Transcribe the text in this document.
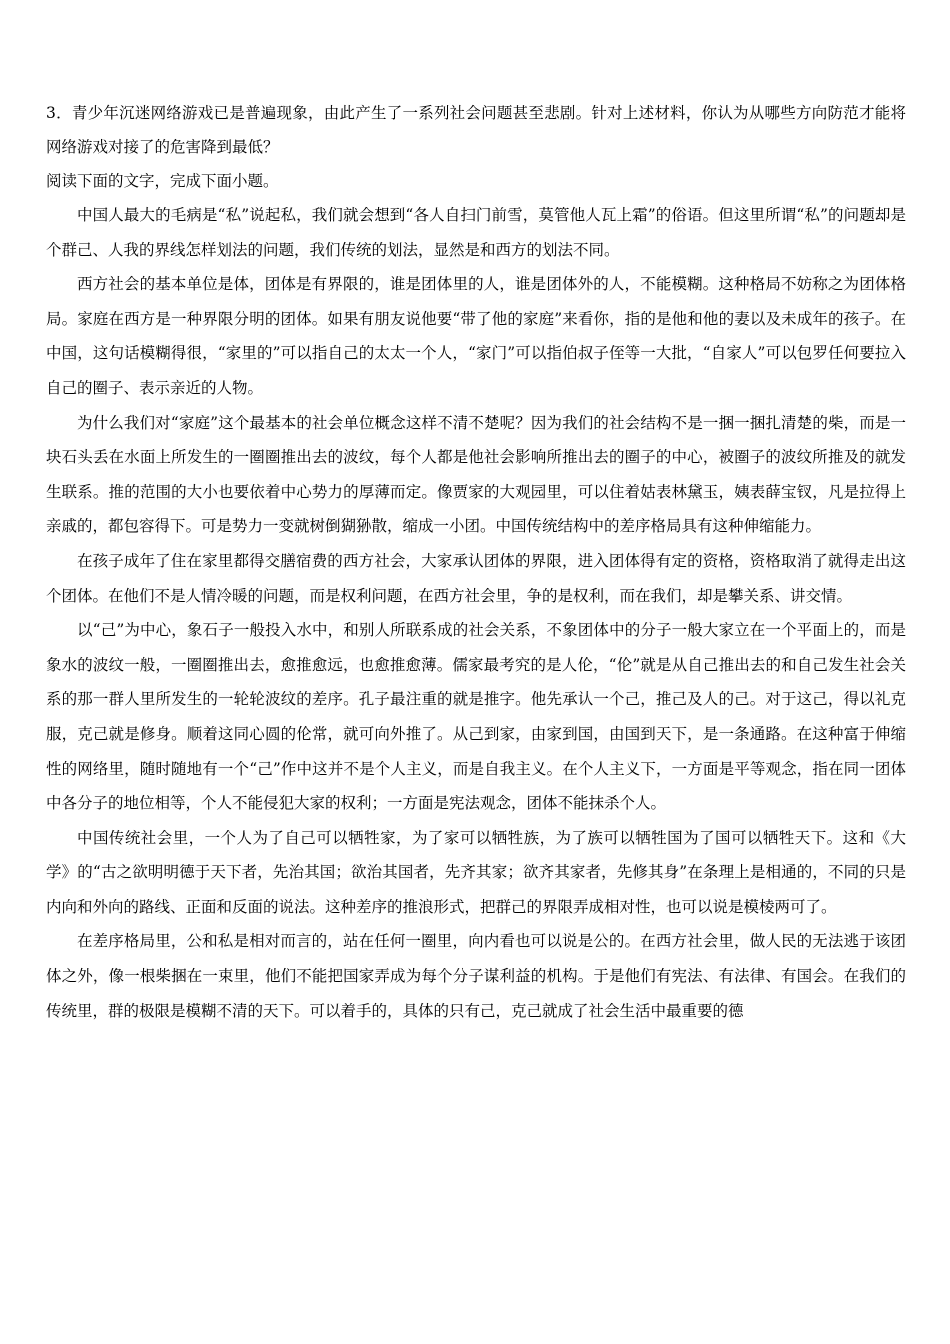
3．青少年沉迷网络游戏已是普遍现象，由此产生了一系列社会问题甚至悲剧。针对上述材料，你认为从哪些方向防范才能将网络游戏对接了的危害降到最低？

阅读下面的文字，完成下面小题。

中国人最大的毛病是“私”说起私，我们就会想到“各人自扫门前雪，莫管他人瓦上霜”的俗语。但这里所谓“私”的问题却是个群己、人我的界线怎样划法的问题，我们传统的划法，显然是和西方的划法不同。

西方社会的基本单位是体，团体是有界限的，谁是团体里的人，谁是团体外的人，不能模糊。这种格局不妨称之为团体格局。家庭在西方是一种界限分明的团体。如果有朋友说他要“带了他的家庭”来看你，指的是他和他的妻以及未成年的孩子。在中国，这句话模糊得很，“家里的”可以指自己的太太一个人，“家门”可以指伯叔子侄等一大批，“自家人”可以包罗任何要拉入自己的圈子、表示亲近的人物。

为什么我们对“家庭”这个最基本的社会单位概念这样不清不楚呢？因为我们的社会结构不是一捆一捆扎清楚的柴，而是一块石头丢在水面上所发生的一圈圈推出去的波纹，每个人都是他社会影响所推出去的圈子的中心，被圈子的波纹所推及的就发生联系。推的范围的大小也要依着中心势力的厚薄而定。像贾家的大观园里，可以住着姑表林黛玉，姨表薛宝钗，凡是拉得上亲戚的，都包容得下。可是势力一变就树倒猢狲散，缩成一小团。中国传统结构中的差序格局具有这种伸缩能力。

在孩子成年了住在家里都得交膳宿费的西方社会，大家承认团体的界限，进入团体得有定的资格，资格取消了就得走出这个团体。在他们不是人情冷暖的问题，而是权利问题，在西方社会里，争的是权利，而在我们，却是攀关系、讲交情。

以“己”为中心，象石子一般投入水中，和别人所联系成的社会关系，不象团体中的分子一般大家立在一个平面上的，而是象水的波纹一般，一圈圈推出去，愈推愈远，也愈推愈薄。儒家最考究的是人伦，“伦”就是从自己推出去的和自己发生社会关系的那一群人里所发生的一轮轮波纹的差序。孔子最注重的就是推字。他先承认一个己，推己及人的己。对于这己，得以礼克服，克己就是修身。顺着这同心圆的伦常，就可向外推了。从己到家，由家到国，由国到天下，是一条通路。在这种富于伸缩性的网络里，随时随地有一个“己”作中这并不是个人主义，而是自我主义。在个人主义下，一方面是平等观念，指在同一团体中各分子的地位相等，个人不能侵犯大家的权利；一方面是宪法观念，团体不能抹杀个人。

中国传统社会里，一个人为了自己可以牺牲家，为了家可以牺牲族，为了族可以牺牲国为了国可以牺牲天下。这和《大学》的“古之欲明明德于天下者，先治其国；欲治其国者，先齐其家；欲齐其家者，先修其身”在条理上是相通的，不同的只是内向和外向的路线、正面和反面的说法。这种差序的推浪形式，把群己的界限弄成相对性，也可以说是模棱两可了。

在差序格局里，公和私是相对而言的，站在任何一圈里，向内看也可以说是公的。在西方社会里，做人民的无法逃于该团体之外，像一根柴捆在一束里，他们不能把国家弄成为每个分子谋利益的机构。于是他们有宪法、有法律、有国会。在我们的传统里，群的极限是模糊不清的天下。可以着手的，具体的只有己，克己就成了社会生活中最重要的德
